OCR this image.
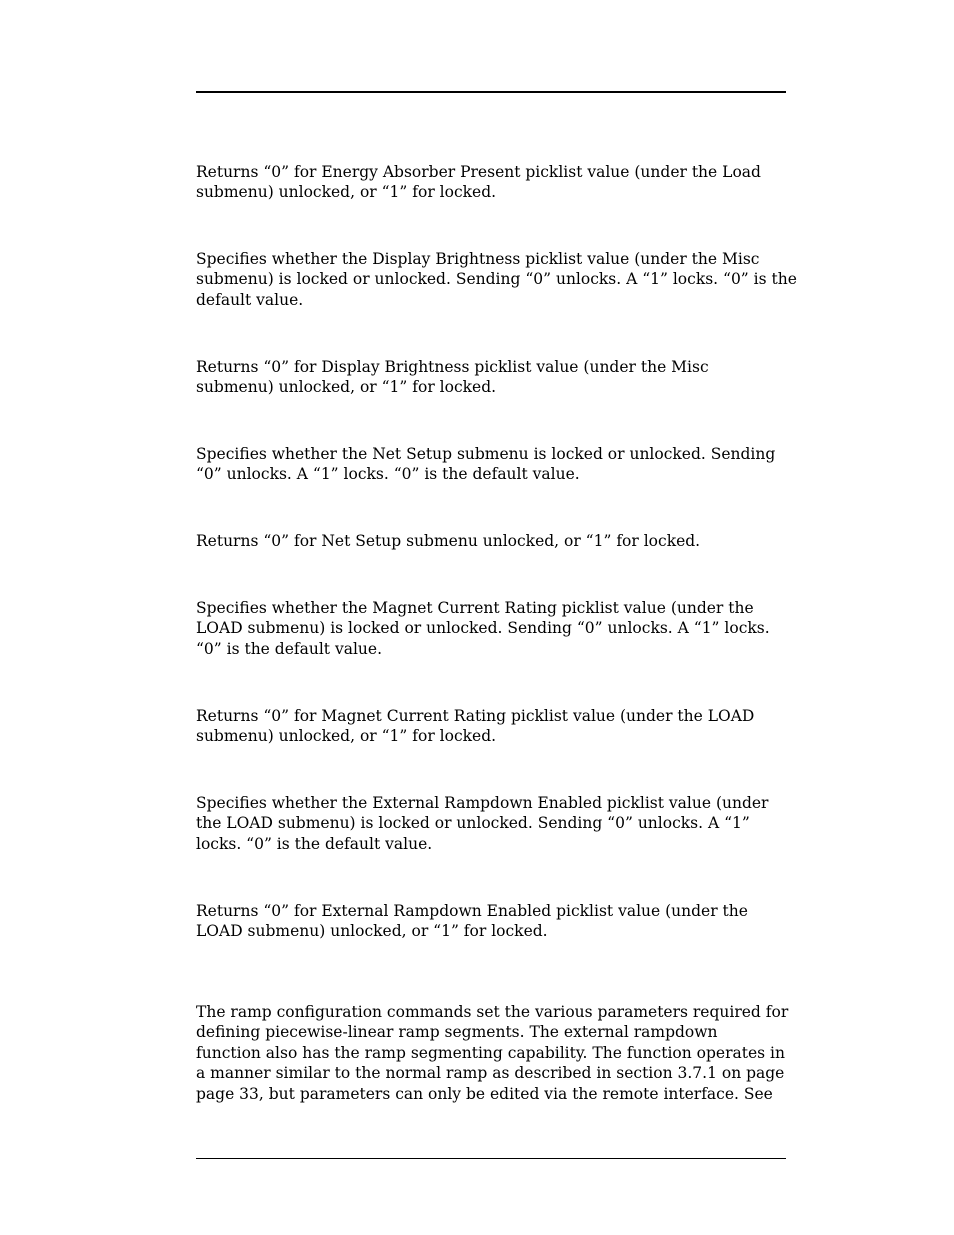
Returns “0” for Energy Absorber Present picklist value (under the Load
submenu) unlocked, or “1” for locked.

Specifies whether the Display Brightness picklist value (under the Misc
submenu) is locked or unlocked. Sending “0” unlocks. A “1” locks. “0” is the
default value.

Returns “0” for Display Brightness picklist value (under the Misc
submenu) unlocked, or “1” for locked.

Specifies whether the Net Setup submenu is locked or unlocked. Sending
“0” unlocks. A “1” locks. “0” is the default value.

Returns “0” for Net Setup submenu unlocked, or “1” for locked.

Specifies whether the Magnet Current Rating picklist value (under the
LOAD submenu) is locked or unlocked. Sending “0” unlocks. A “1” locks.
“0” is the default value.

Returns “0” for Magnet Current Rating picklist value (under the LOAD
submenu) unlocked, or “1” for locked.

Specifies whether the External Rampdown Enabled picklist value (under
the LOAD submenu) is locked or unlocked. Sending “0” unlocks. A “1”
locks. “0” is the default value.

Returns “0” for External Rampdown Enabled picklist value (under the
LOAD submenu) unlocked, or “1” for locked.

The ramp configuration commands set the various parameters required for
defining piecewise-linear ramp segments. The external rampdown
function also has the ramp segmenting capability. The function operates in
a manner similar to the normal ramp as described in section 3.7.1 on page
page 33, but parameters can only be edited via the remote interface. See
